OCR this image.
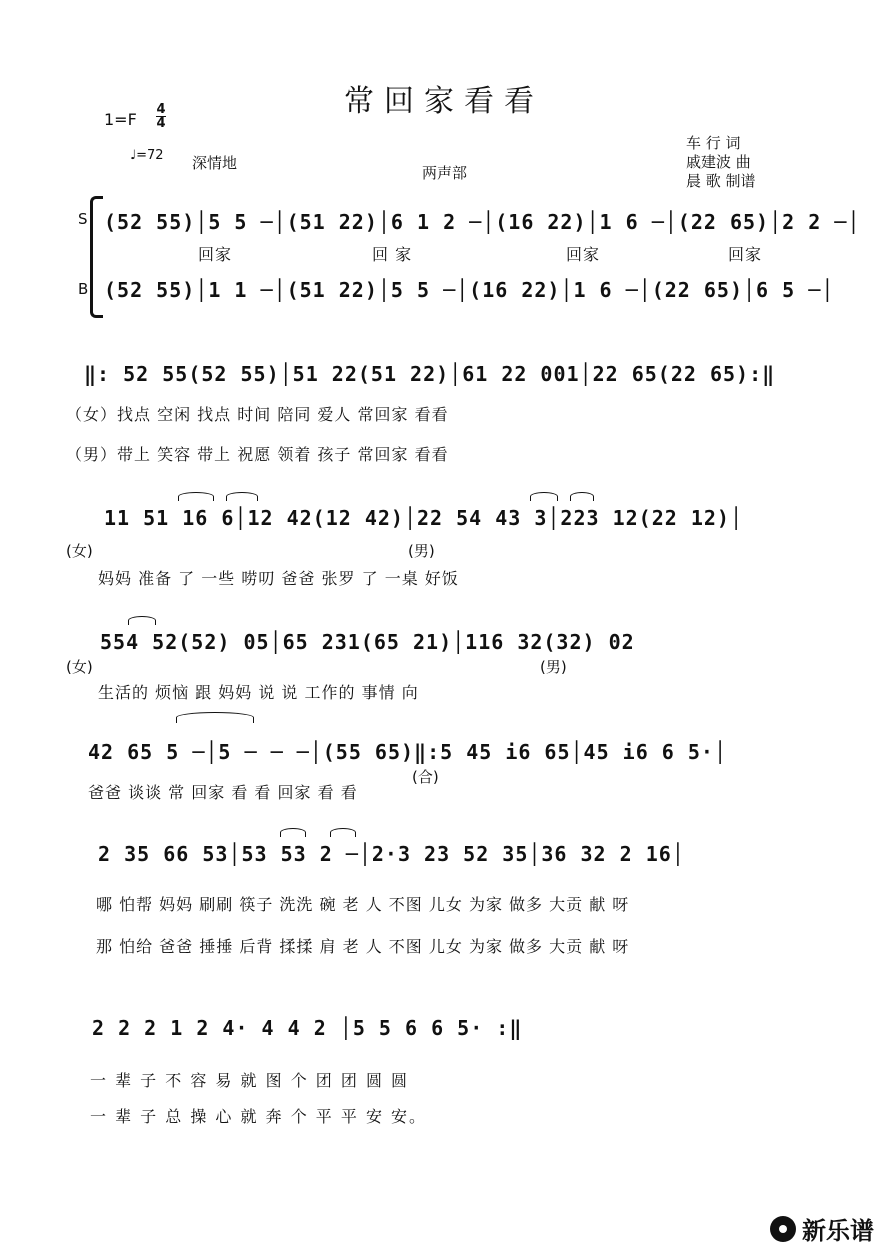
常回家看看
1=F
4
4
♩=72 深情地
两声部
车 行 词
戚建波 曲
晨 歌 制谱
S
B
(52 55)│5 5 ─│(51 22)│6 1 2 ─│(16 22)│1 6 ─│(22 65)│2 2 ─│
回家	回 家	回家	回家
(52 55)│1 1 ─│(51 22)│5 5 ─│(16 22)│1 6 ─│(22 65)│6 5 ─│
‖: 52 55(52 55)│51 22(51 22)│61 22 001│22 65(22 65):‖
（女）找点 空闲 找点 时间 陪同 爱人 常回家 看看
（男）带上 笑容 带上 祝愿 领着 孩子 常回家 看看
11 51 16 6│12 42(12 42)│22 54 43 3│223 12(22 12)│
(女)	(男)
妈妈 准备 了 一些 唠叨 爸爸 张罗 了 一桌 好饭
554 52(52) 05│65 231(65 21)│116 32(32) 02
(女)	(男)
生活的 烦恼 跟 妈妈 说 说 工作的 事情 向
42 65 5 ─│5 ─ ─ ─│(55 65)‖:5 45 i6 65│45 i6 6 5·│
(合)
爸爸 谈谈 常 回家 看 看 回家 看 看
2 35 66 53│53 53 2 ─│2·3 23 52 35│36 32 2 16│
哪 怕帮 妈妈 刷刷 筷子 洗洗 碗 老 人 不图 儿女 为家 做多 大贡 献 呀
那 怕给 爸爸 捶捶 后背 揉揉 肩 老 人 不图 儿女 为家 做多 大贡 献 呀
2 2 2 1 2 4· 4 4 2 │5 5 6 6 5· :‖
一 辈 子 不 容 易 就 图 个 团 团 圆 圆
一 辈 子 总 操 心 就 奔 个 平 平 安 安。
新乐谱
